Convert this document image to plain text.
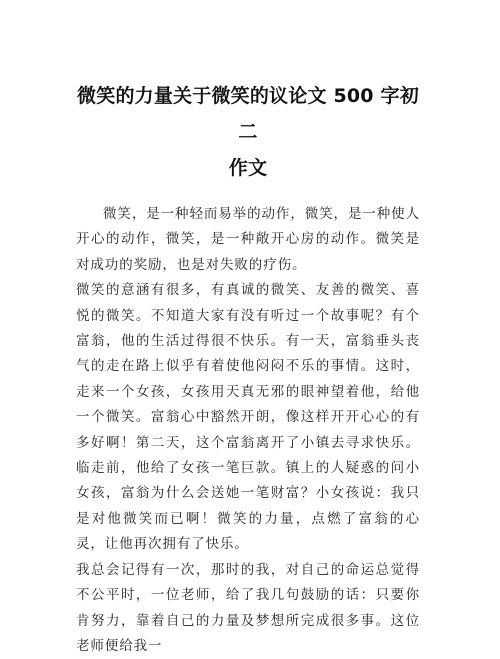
微笑的力量关于微笑的议论文 500 字初二
作文

微笑，是一种轻而易举的动作，微笑，是一种使人开心的动作，微笑，是一种敞开心房的动作。微笑是对成功的奖励，也是对失败的疗伤。

微笑的意涵有很多，有真诚的微笑、友善的微笑、喜悦的微笑。不知道大家有没有听过一个故事呢？有个富翁，他的生活过得很不快乐。有一天，富翁垂头丧气的走在路上似乎有着使他闷闷不乐的事情。这时，走来一个女孩，女孩用天真无邪的眼神望着他，给他一个微笑。富翁心中豁然开朗，像这样开开心心的有多好啊！第二天，这个富翁离开了小镇去寻求快乐。临走前，他给了女孩一笔巨款。镇上的人疑惑的问小女孩，富翁为什么会送她一笔财富？小女孩说：我只是对他微笑而已啊！微笑的力量，点燃了富翁的心灵，让他再次拥有了快乐。

我总会记得有一次，那时的我，对自己的命运总觉得不公平时，一位老师，给了我几句鼓励的话：只要你肯努力，靠着自己的力量及梦想所完成很多事。这位老师便给我一
